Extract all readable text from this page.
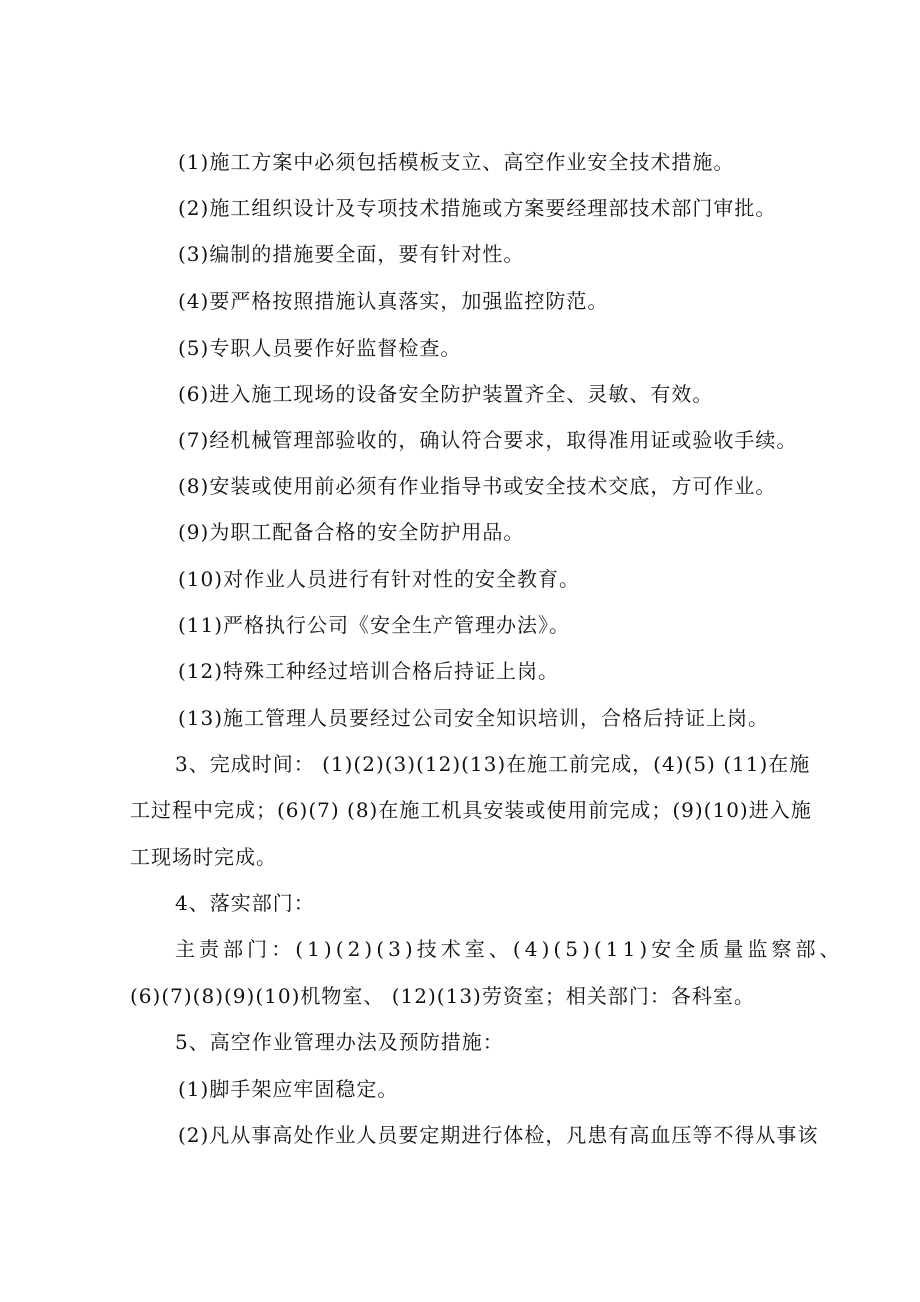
(1)施工方案中必须包括模板支立、高空作业安全技术措施。
(2)施工组织设计及专项技术措施或方案要经理部技术部门审批。
(3)编制的措施要全面，要有针对性。
(4)要严格按照措施认真落实，加强监控防范。
(5)专职人员要作好监督检查。
(6)进入施工现场的设备安全防护装置齐全、灵敏、有效。
(7)经机械管理部验收的，确认符合要求，取得准用证或验收手续。
(8)安装或使用前必须有作业指导书或安全技术交底，方可作业。
(9)为职工配备合格的安全防护用品。
(10)对作业人员进行有针对性的安全教育。
(11)严格执行公司《安全生产管理办法》。
(12)特殊工种经过培训合格后持证上岗。
(13)施工管理人员要经过公司安全知识培训，合格后持证上岗。
3、完成时间： (1)(2)(3)(12)(13)在施工前完成，(4)(5) (11)在施
工过程中完成；(6)(7) (8)在施工机具安装或使用前完成；(9)(10)进入施
工现场时完成。
4、落实部门：
主 责 部 门 ： ( 1 ) ( 2 ) ( 3 ) 技 术 室 、 ( 4 ) ( 5 ) ( 1 1 ) 安 全 质 量 监 察 部 、
(6)(7)(8)(9)(10)机物室、 (12)(13)劳资室；相关部门：各科室。
5、高空作业管理办法及预防措施：
(1)脚手架应牢固稳定。
(2)凡从事高处作业人员要定期进行体检，凡患有高血压等不得从事该
